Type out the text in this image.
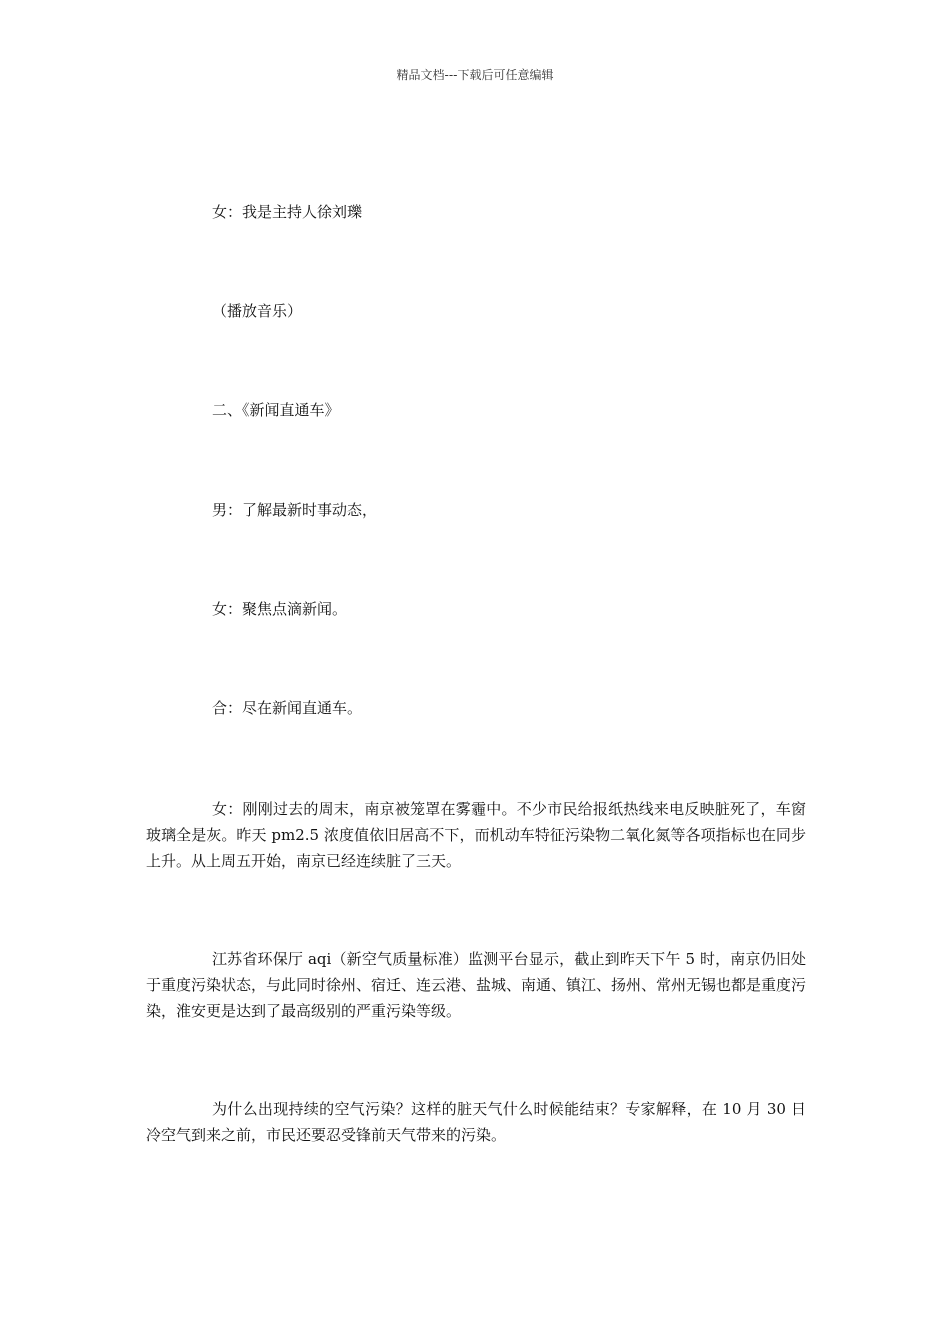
精品文档---下载后可任意编辑
女：我是主持人徐刘瓅
（播放音乐）
二、《新闻直通车》
男：了解最新时事动态，
女：聚焦点滴新闻。
合：尽在新闻直通车。
女：刚刚过去的周末，南京被笼罩在雾霾中。不少市民给报纸热线来电反映脏死了，车窗玻璃全是灰。昨天 pm2.5 浓度值依旧居高不下，而机动车特征污染物二氧化氮等各项指标也在同步上升。从上周五开始，南京已经连续脏了三天。
江苏省环保厅 aqi（新空气质量标准）监测平台显示，截止到昨天下午 5 时，南京仍旧处于重度污染状态，与此同时徐州、宿迁、连云港、盐城、南通、镇江、扬州、常州无锡也都是重度污染，淮安更是达到了最高级别的严重污染等级。
为什么出现持续的空气污染？这样的脏天气什么时候能结束？专家解释，在 10 月 30 日冷空气到来之前，市民还要忍受锋前天气带来的污染。
